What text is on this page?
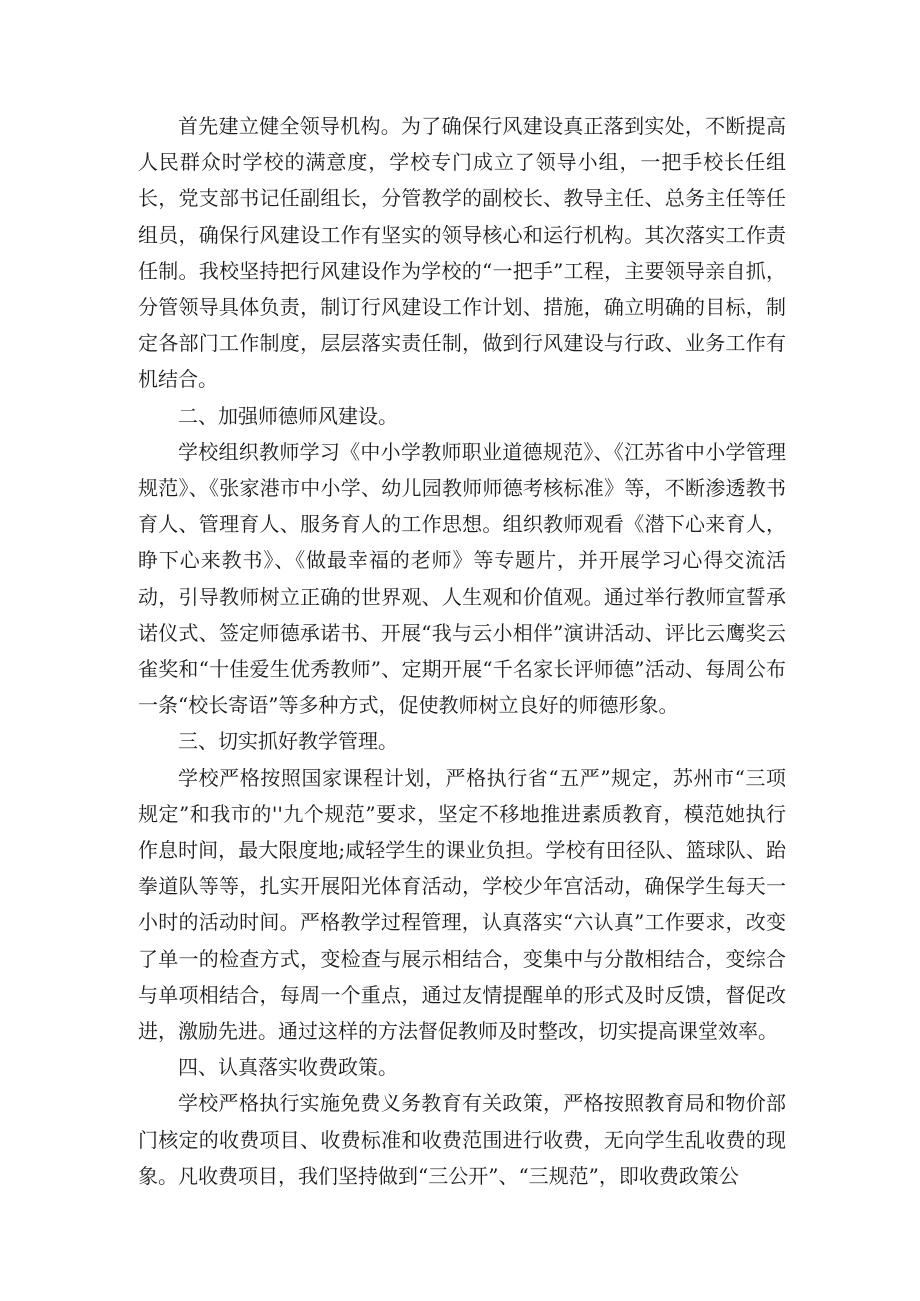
首先建立健全领导机构。为了确保行风建设真正落到实处，不断提高人民群众时学校的满意度，学校专门成立了领导小组，一把手校长任组长，党支部书记任副组长，分管教学的副校长、教导主任、总务主任等任组员，确保行风建设工作有坚实的领导核心和运行机构。其次落实工作责任制。我校坚持把行风建设作为学校的“一把手”工程，主要领导亲自抓，分管领导具体负责，制订行风建设工作计划、措施，确立明确的目标，制定各部门工作制度，层层落实责任制，做到行风建设与行政、业务工作有机结合。

二、加强师德师风建设。

学校组织教师学习《中小学教师职业道德规范》、《江苏省中小学管理规范》、《张家港市中小学、幼儿园教师师德考核标准》等，不断渗透教书育人、管理育人、服务育人的工作思想。组织教师观看《潜下心来育人，睁下心来教书》、《做最幸福的老师》等专题片，并开展学习心得交流活动，引导教师树立正确的世界观、人生观和价值观。通过举行教师宣誓承诺仪式、签定师德承诺书、开展“我与云小相伴”演讲活动、评比云鹰奖云雀奖和“十佳爱生优秀教师”、定期开展“千名家长评师德”活动、每周公布一条“校长寄语”等多种方式，促使教师树立良好的师德形象。

三、切实抓好教学管理。

学校严格按照国家课程计划，严格执行省“五严”规定，苏州市“三项规定”和我市的''九个规范”要求，坚定不移地推进素质教育，模范她执行作息时间，最大限度地;咸轻学生的课业负担。学校有田径队、篮球队、跆拳道队等等，扎实开展阳光体育活动，学校少年宫活动，确保学生每天一小时的活动时间。严格教学过程管理，认真落实“六认真”工作要求，改变了单一的检查方式，变检查与展示相结合，变集中与分散相结合，变综合与单项相结合，每周一个重点，通过友情提醒单的形式及时反馈，督促改进，激励先进。通过这样的方法督促教师及时整改，切实提高课堂效率。

四、认真落实收费政策。

学校严格执行实施免费义务教育有关政策，严格按照教育局和物价部门核定的收费项目、收费标准和收费范围进行收费，无向学生乱收费的现象。凡收费项目，我们坚持做到“三公开”、“三规范”，即收费政策公
